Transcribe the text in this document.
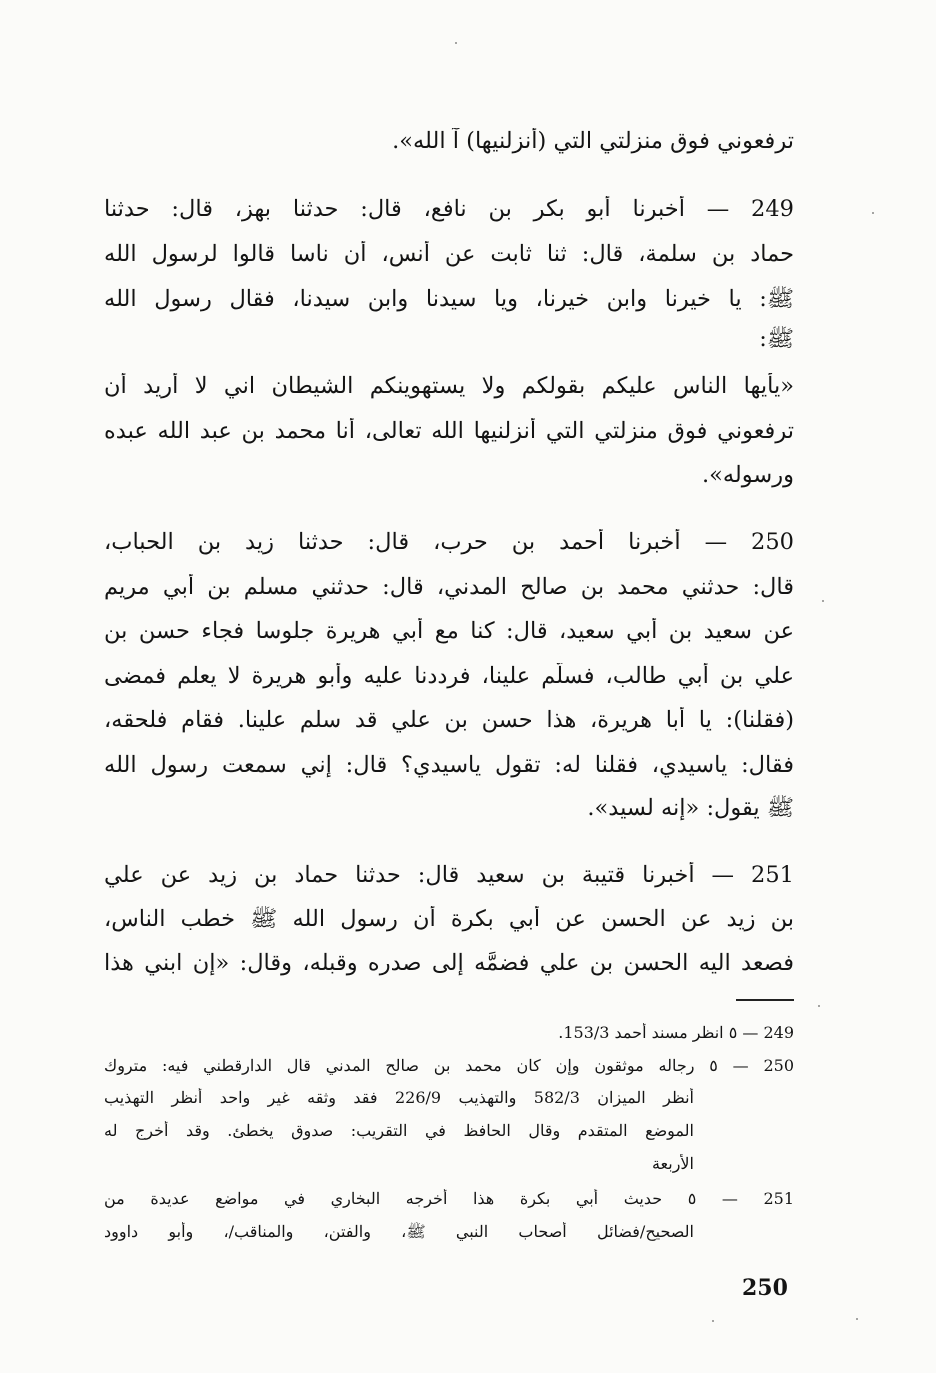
ترفعوني فوق منزلتي التي (أنزلنيها) آ الله».
249 — أخبرنا أبو بكر بن نافع، قال: حدثنا بهز، قال: حدثنا
حماد بن سلمة، قال: ثنا ثابت عن أنس، أن ناسا قالوا لرسول الله
ﷺ: يا خيرنا وابن خيرنا، ويا سيدنا وابن سيدنا، فقال رسول الله
ﷺ:
«يأيها الناس عليكم بقولكم ولا يستهوينكم الشيطان اني لا أريد أن
ترفعوني فوق منزلتي التي أنزلنيها الله تعالى، أنا محمد بن عبد الله عبده
ورسوله».
250 — أخبرنا أحمد بن حرب، قال: حدثنا زيد بن الحباب،
قال: حدثني محمد بن صالح المدني، قال: حدثني مسلم بن أبي مريم
عن سعيد بن أبي سعيد، قال: كنا مع أبي هريرة جلوسا فجاء حسن بن
علي بن أبي طالب، فسلَّم علينا، فرددنا عليه وأبو هريرة لا يعلم فمضى
(فقلنا): يا أبا هريرة، هذا حسن بن علي قد سلم علينا. فقام فلحقه،
فقال: ياسيدي، فقلنا له: تقول ياسيدي؟ قال: إني سمعت رسول الله
ﷺ يقول: «إنه لسيد».
251 — أخبرنا قتيبة بن سعيد قال: حدثنا حماد بن زيد عن علي
بن زيد عن الحسن عن أبي بكرة أن رسول الله ﷺ خطب الناس،
فصعد اليه الحسن بن علي فضمَّه إلى صدره وقبله، وقال: «إن ابني هذا
249 — ٥ انظر مسند أحمد 153/3.
250 — ٥ رجاله موثقون وإن كان محمد بن صالح المدني قال الدارقطني فيه: متروك
أنظر الميزان 582/3 والتهذيب 226/9 فقد وثقه غير واحد أنظر التهذيب
الموضع المتقدم وقال الحافظ في التقريب: صدوق يخطئ. وقد أخرج له
الأربعة
251 — ٥ حديث أبي بكرة هذا أخرجه البخاري في مواضع عديدة من
الصحيح/فضائل أصحاب النبي ﷺ، والفتن، والمناقب/، وأبو داوود
250
